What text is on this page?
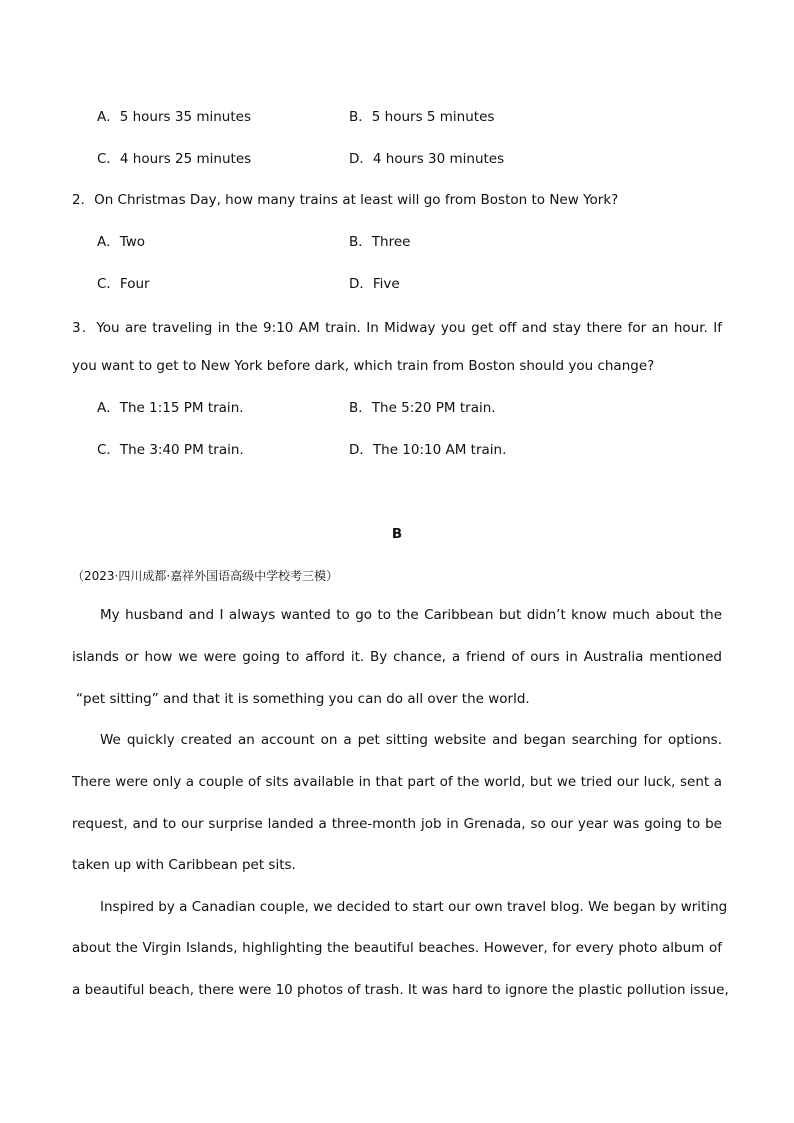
A．5 hours 35 minutes	B．5 hours 5 minutes
C．4 hours 25 minutes	D．4 hours 30 minutes
2．On Christmas Day, how many trains at least will go from Boston to New York?
A．Two	B．Three
C．Four	D．Five
3．You are traveling in the 9:10 AM train. In Midway you get off and stay there for an hour. If
you want to get to New York before dark, which train from Boston should you change?
A．The 1:15 PM train.	B．The 5:20 PM train.
C．The 3:40 PM train.	D．The 10:10 AM train.
B
（2023·四川成都·嘉祥外国语高级中学校考三模）
My husband and I always wanted to go to the Caribbean but didn’t know much about the
islands or how we were going to afford it. By chance, a friend of ours in Australia mentioned
“pet sitting” and that it is something you can do all over the world.
We quickly created an account on a pet sitting website and began searching for options.
There were only a couple of sits available in that part of the world, but we tried our luck, sent a
request, and to our surprise landed a three-month job in Grenada, so our year was going to be
taken up with Caribbean pet sits.
Inspired by a Canadian couple, we decided to start our own travel blog. We began by writing
about the Virgin Islands, highlighting the beautiful beaches. However, for every photo album of
a beautiful beach, there were 10 photos of trash. It was hard to ignore the plastic pollution issue,
